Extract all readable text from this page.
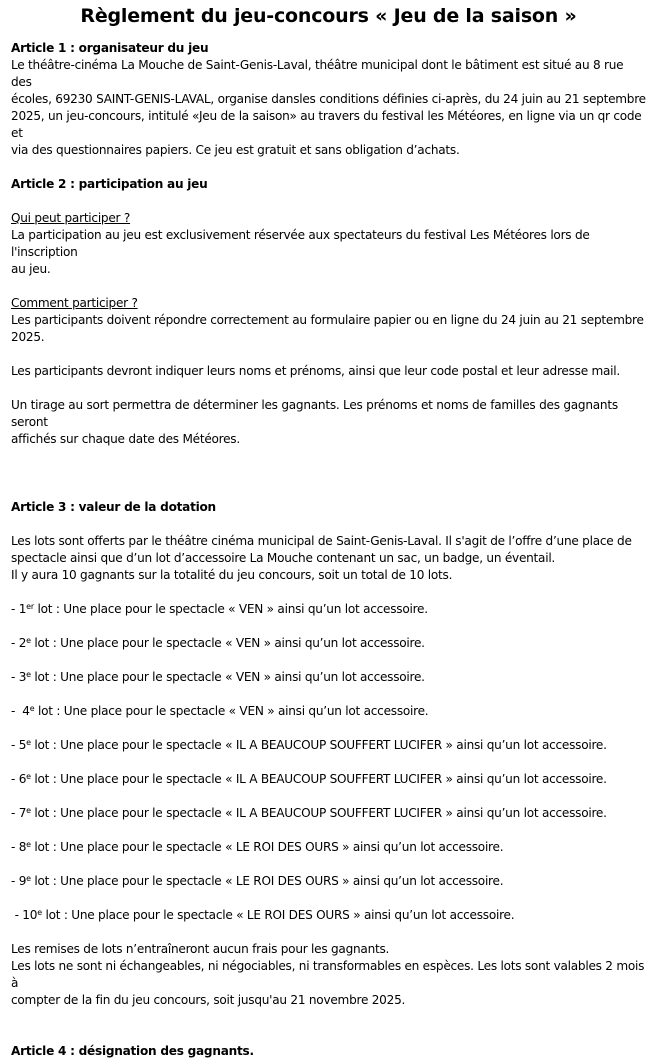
Règlement du jeu-concours « Jeu de la saison »

Article 1 : organisateur du jeu

Le théâtre-cinéma La Mouche de Saint-Genis-Laval, théâtre municipal dont le bâtiment est situé au 8 rue des

écoles, 69230 SAINT-GENIS-LAVAL, organise dansles conditions définies ci-après, du 24 juin au 21 septembre

2025, un jeu-concours, intitulé «Jeu de la saison» au travers du festival les Météores, en ligne via un qr code et

via des questionnaires papiers. Ce jeu est gratuit et sans obligation d’achats.

Article 2 : participation au jeu

Qui peut participer ?

La participation au jeu est exclusivement réservée aux spectateurs du festival Les Météores lors de l'inscription

au jeu.

Comment participer ?

Les participants doivent répondre correctement au formulaire papier ou en ligne du 24 juin au 21 septembre

2025.

Les participants devront indiquer leurs noms et prénoms, ainsi que leur code postal et leur adresse mail.

Un tirage au sort permettra de déterminer les gagnants. Les prénoms et noms de familles des gagnants seront

affichés sur chaque date des Météores.

Article 3 : valeur de la dotation

Les lots sont offerts par le théâtre cinéma municipal de Saint-Genis-Laval. Il s'agit de l’offre d’une place de

spectacle ainsi que d’un lot d’accessoire La Mouche contenant un sac, un badge, un éventail.

Il y aura 10 gagnants sur la totalité du jeu concours, soit un total de 10 lots.

- 1er lot : Une place pour le spectacle « VEN » ainsi qu’un lot accessoire.

- 2e lot : Une place pour le spectacle « VEN » ainsi qu’un lot accessoire.

- 3e lot : Une place pour le spectacle « VEN » ainsi qu’un lot accessoire.

-  4e lot : Une place pour le spectacle « VEN » ainsi qu’un lot accessoire.

- 5e lot : Une place pour le spectacle « IL A BEAUCOUP SOUFFERT LUCIFER » ainsi qu’un lot accessoire.

- 6e lot : Une place pour le spectacle « IL A BEAUCOUP SOUFFERT LUCIFER » ainsi qu’un lot accessoire.

- 7e lot : Une place pour le spectacle « IL A BEAUCOUP SOUFFERT LUCIFER » ainsi qu’un lot accessoire.

- 8e lot : Une place pour le spectacle « LE ROI DES OURS » ainsi qu’un lot accessoire.

- 9e lot : Une place pour le spectacle « LE ROI DES OURS » ainsi qu’un lot accessoire.

- 10e lot : Une place pour le spectacle « LE ROI DES OURS » ainsi qu’un lot accessoire.

Les remises de lots n’entraîneront aucun frais pour les gagnants.

Les lots ne sont ni échangeables, ni négociables, ni transformables en espèces. Les lots sont valables 2 mois à

compter de la fin du jeu concours, soit jusqu'au 21 novembre 2025.

Article 4 : désignation des gagnants.
